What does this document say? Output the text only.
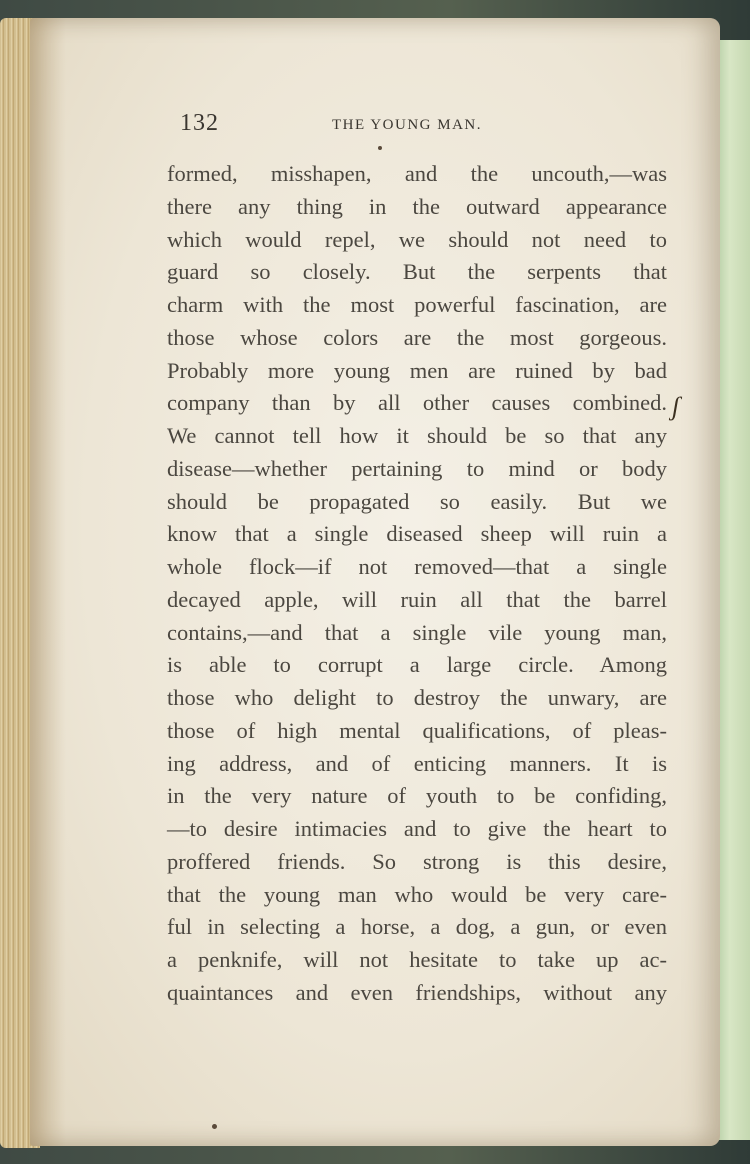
132	THE YOUNG MAN.
formed, misshapen, and the uncouth,—was
there any thing in the outward appearance
which would repel, we should not need to
guard so closely. But the serpents that
charm with the most powerful fascination, are
those whose colors are the most gorgeous.
Probably more young men are ruined by bad
company than by all other causes combined.
We cannot tell how it should be so that any
disease—whether pertaining to mind or body
should be propagated so easily. But we
know that a single diseased sheep will ruin a
whole flock—if not removed—that a single
decayed apple, will ruin all that the barrel
contains,—and that a single vile young man,
is able to corrupt a large circle. Among
those who delight to destroy the unwary, are
those of high mental qualifications, of pleas-
ing address, and of enticing manners. It is
in the very nature of youth to be confiding,
—to desire intimacies and to give the heart to
proffered friends. So strong is this desire,
that the young man who would be very care-
ful in selecting a horse, a dog, a gun, or even
a penknife, will not hesitate to take up ac-
quaintances and even friendships, without any
ʃ
